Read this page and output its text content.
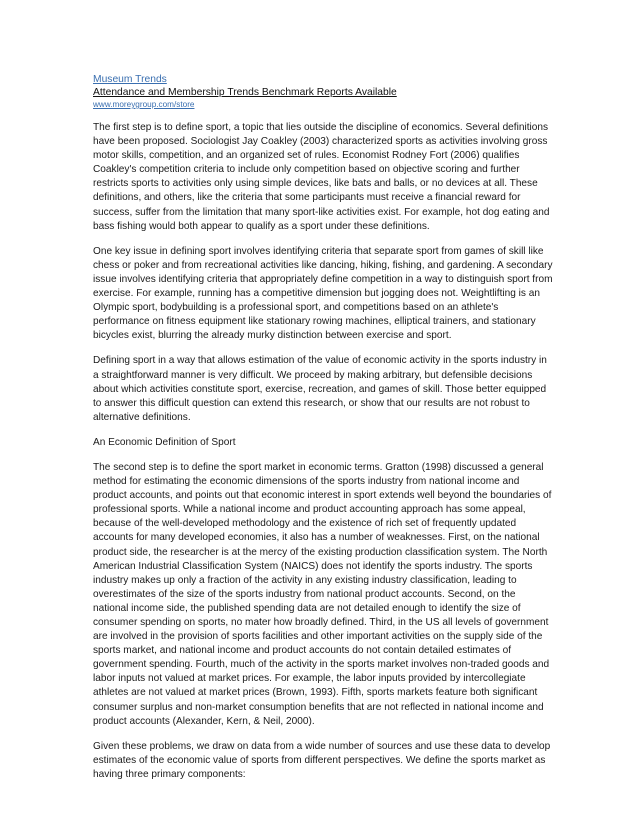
Museum Trends
Attendance and Membership Trends Benchmark Reports Available
www.moreygroup.com/store

The first step is to define sport, a topic that lies outside the discipline of economics. Several definitions have been proposed. Sociologist Jay Coakley (2003) characterized sports as activities involving gross motor skills, competition, and an organized set of rules. Economist Rodney Fort (2006) qualifies Coakley's competition criteria to include only competition based on objective scoring and further restricts sports to activities only using simple devices, like bats and balls, or no devices at all. These definitions, and others, like the criteria that some participants must receive a financial reward for success, suffer from the limitation that many sport-like activities exist. For example, hot dog eating and bass fishing would both appear to qualify as a sport under these definitions.

One key issue in defining sport involves identifying criteria that separate sport from games of skill like chess or poker and from recreational activities like dancing, hiking, fishing, and gardening. A secondary issue involves identifying criteria that appropriately define competition in a way to distinguish sport from exercise. For example, running has a competitive dimension but jogging does not. Weightlifting is an Olympic sport, bodybuilding is a professional sport, and competitions based on an athlete's performance on fitness equipment like stationary rowing machines, elliptical trainers, and stationary bicycles exist, blurring the already murky distinction between exercise and sport.

Defining sport in a way that allows estimation of the value of economic activity in the sports industry in a straightforward manner is very difficult. We proceed by making arbitrary, but defensible decisions about which activities constitute sport, exercise, recreation, and games of skill. Those better equipped to answer this difficult question can extend this research, or show that our results are not robust to alternative definitions.

An Economic Definition of Sport

The second step is to define the sport market in economic terms. Gratton (1998) discussed a general method for estimating the economic dimensions of the sports industry from national income and product accounts, and points out that economic interest in sport extends well beyond the boundaries of professional sports. While a national income and product accounting approach has some appeal, because of the well-developed methodology and the existence of rich set of frequently updated accounts for many developed economies, it also has a number of weaknesses. First, on the national product side, the researcher is at the mercy of the existing production classification system. The North American Industrial Classification System (NAICS) does not identify the sports industry. The sports industry makes up only a fraction of the activity in any existing industry classification, leading to overestimates of the size of the sports industry from national product accounts. Second, on the national income side, the published spending data are not detailed enough to identify the size of consumer spending on sports, no mater how broadly defined. Third, in the US all levels of government are involved in the provision of sports facilities and other important activities on the supply side of the sports market, and national income and product accounts do not contain detailed estimates of government spending. Fourth, much of the activity in the sports market involves non-traded goods and labor inputs not valued at market prices. For example, the labor inputs provided by intercollegiate athletes are not valued at market prices (Brown, 1993). Fifth, sports markets feature both significant consumer surplus and non-market consumption benefits that are not reflected in national income and product accounts (Alexander, Kern, & Neil, 2000).

Given these problems, we draw on data from a wide number of sources and use these data to develop estimates of the economic value of sports from different perspectives. We define the sports market as having three primary components:
